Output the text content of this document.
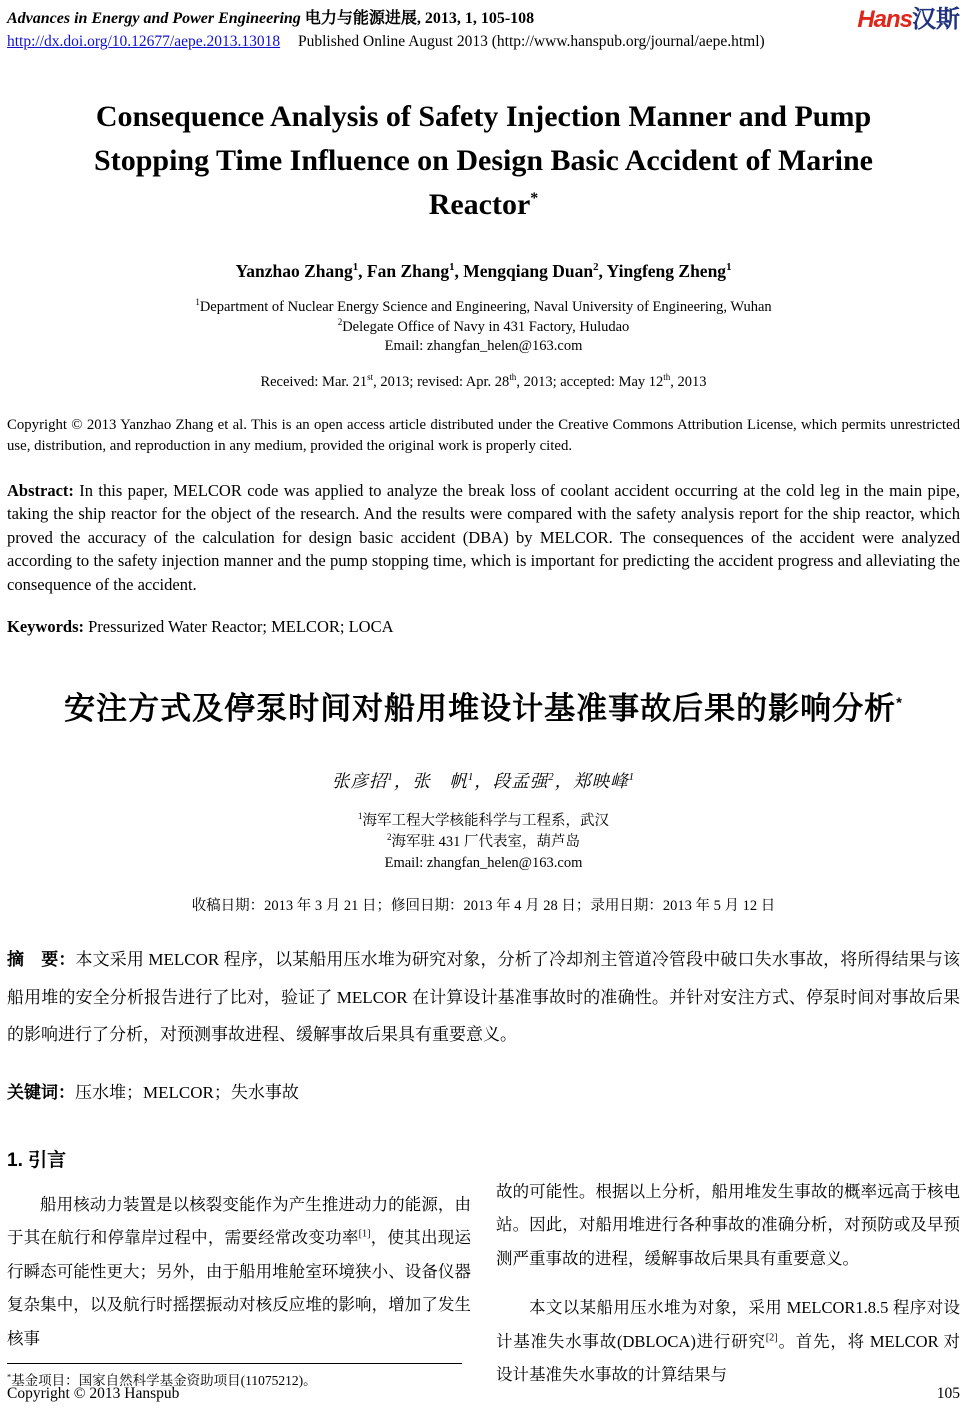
Advances in Energy and Power Engineering 电力与能源进展, 2013, 1, 105-108
http://dx.doi.org/10.12677/aepe.2013.13018 Published Online August 2013 (http://www.hanspub.org/journal/aepe.html)
Hans汉斯
Consequence Analysis of Safety Injection Manner and Pump
Stopping Time Influence on Design Basic Accident of Marine
Reactor*
Yanzhao Zhang$^1$, Fan Zhang$^1$, Mengqiang Duan$^2$, Yingfeng Zheng$^1$
$^1$Department of Nuclear Energy Science and Engineering, Naval University of Engineering, Wuhan
$^2$Delegate Office of Navy in 431 Factory, Huludao
Email: zhangfan_helen@163.com
Received: Mar. 21st, 2013; revised: Apr. 28th, 2013; accepted: May 12th, 2013

Copyright © 2013 Yanzhao Zhang et al. This is an open access article distributed under the Creative Commons Attribution License, which permits unrestricted use, distribution, and reproduction in any medium, provided the original work is properly cited.

Abstract: In this paper, MELCOR code was applied to analyze the break loss of coolant accident occurring at the cold leg in the main pipe, taking the ship reactor for the object of the research. And the results were compared with the safety analysis report for the ship reactor, which proved the accuracy of the calculation for design basic accident (DBA) by MELCOR. The consequences of the accident were analyzed according to the safety injection manner and the pump stopping time, which is important for predicting the accident progress and alleviating the consequence of the accident.

Keywords: Pressurized Water Reactor; MELCOR; LOCA

安注方式及停泵时间对船用堆设计基准事故后果的影响分析*
张彦招$^1$，张　帆$^1$，段孟强$^2$，郑映峰$^1$
$^1$海军工程大学核能科学与工程系，武汉
$^2$海军驻 431 厂代表室，葫芦岛
Email: zhangfan_helen@163.com
收稿日期：2013 年 3 月 21 日；修回日期：2013 年 4 月 28 日；录用日期：2013 年 5 月 12 日

摘　要：本文采用 MELCOR 程序，以某船用压水堆为研究对象，分析了冷却剂主管道冷管段中破口失水事故，将所得结果与该船用堆的安全分析报告进行了比对，验证了 MELCOR 在计算设计基准事故时的准确性。并针对安注方式、停泵时间对事故后果的影响进行了分析，对预测事故进程、缓解事故后果具有重要意义。

关键词：压水堆；MELCOR；失水事故

1. 引言

船用核动力装置是以核裂变能作为产生推进动力的能源，由于其在航行和停靠岸过程中，需要经常改变功率[1]，使其出现运行瞬态可能性更大；另外，由于船用堆舱室环境狭小、设备仪器复杂集中，以及航行时摇摆振动对核反应堆的影响，增加了发生核事

*基金项目：国家自然科学基金资助项目(11075212)。

故的可能性。根据以上分析，船用堆发生事故的概率远高于核电站。因此，对船用堆进行各种事故的准确分析，对预防或及早预测严重事故的进程，缓解事故后果具有重要意义。

本文以某船用压水堆为对象，采用 MELCOR1.8.5 程序对设计基准失水事故(DBLOCA)进行研究[2]。首先，将 MELCOR 对设计基准失水事故的计算结果与

Copyright © 2013 Hanspub	105
